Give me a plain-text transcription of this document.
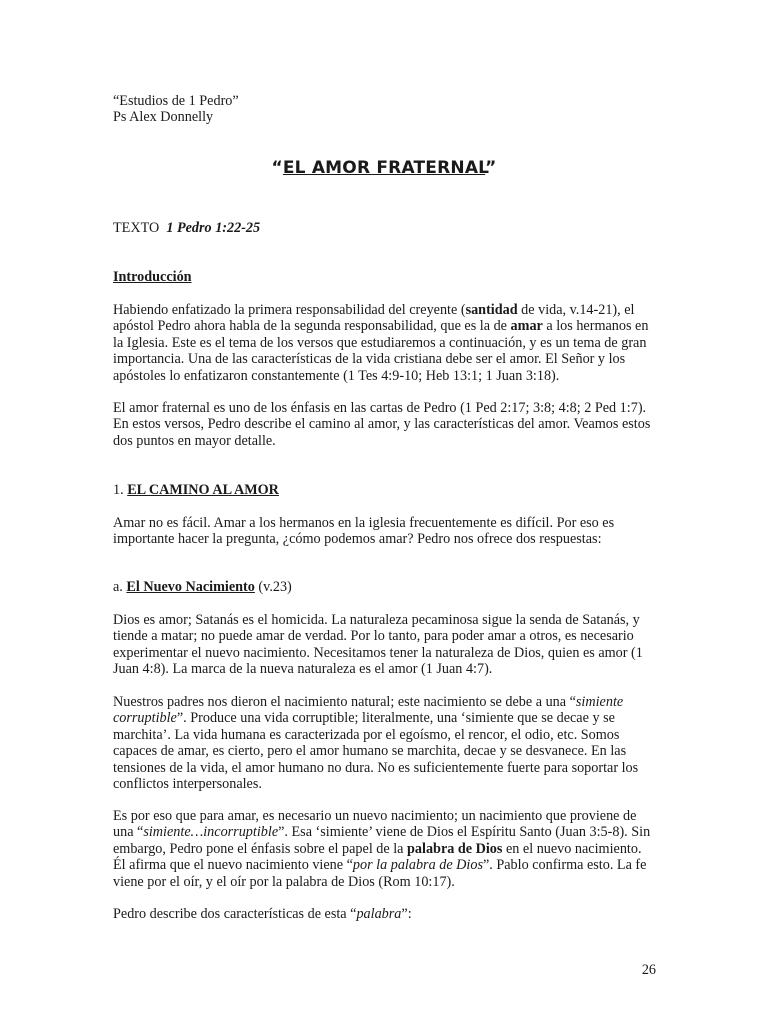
“Estudios de 1 Pedro”
Ps Alex Donnelly
“EL AMOR FRATERNAL”
TEXTO 1 Pedro 1:22-25
Introducción

Habiendo enfatizado la primera responsabilidad del creyente (santidad de vida, v.14-21), el apóstol Pedro ahora habla de la segunda responsabilidad, que es la de amar a los hermanos en la Iglesia. Este es el tema de los versos que estudiaremos a continuación, y es un tema de gran importancia. Una de las características de la vida cristiana debe ser el amor. El Señor y los apóstoles lo enfatizaron constantemente (1 Tes 4:9-10; Heb 13:1; 1 Juan 3:18).

El amor fraternal es uno de los énfasis en las cartas de Pedro (1 Ped 2:17; 3:8; 4:8; 2 Ped 1:7). En estos versos, Pedro describe el camino al amor, y las características del amor. Veamos estos dos puntos en mayor detalle.

1. EL CAMINO AL AMOR

Amar no es fácil. Amar a los hermanos en la iglesia frecuentemente es difícil. Por eso es importante hacer la pregunta, ¿cómo podemos amar? Pedro nos ofrece dos respuestas:

a. El Nuevo Nacimiento (v.23)

Dios es amor; Satanás es el homicida. La naturaleza pecaminosa sigue la senda de Satanás, y tiende a matar; no puede amar de verdad. Por lo tanto, para poder amar a otros, es necesario experimentar el nuevo nacimiento. Necesitamos tener la naturaleza de Dios, quien es amor (1 Juan 4:8). La marca de la nueva naturaleza es el amor (1 Juan 4:7).

Nuestros padres nos dieron el nacimiento natural; este nacimiento se debe a una “simiente corruptible”. Produce una vida corruptible; literalmente, una ‘simiente que se decae y se marchita’. La vida humana es caracterizada por el egoísmo, el rencor, el odio, etc. Somos capaces de amar, es cierto, pero el amor humano se marchita, decae y se desvanece. En las tensiones de la vida, el amor humano no dura. No es suficientemente fuerte para soportar los conflictos interpersonales.

Es por eso que para amar, es necesario un nuevo nacimiento; un nacimiento que proviene de una “simiente…incorruptible”. Esa ‘simiente’ viene de Dios el Espíritu Santo (Juan 3:5-8). Sin embargo, Pedro pone el énfasis sobre el papel de la palabra de Dios en el nuevo nacimiento. Él afirma que el nuevo nacimiento viene “por la palabra de Dios”. Pablo confirma esto. La fe viene por el oír, y el oír por la palabra de Dios (Rom 10:17).

Pedro describe dos características de esta “palabra”:

26
